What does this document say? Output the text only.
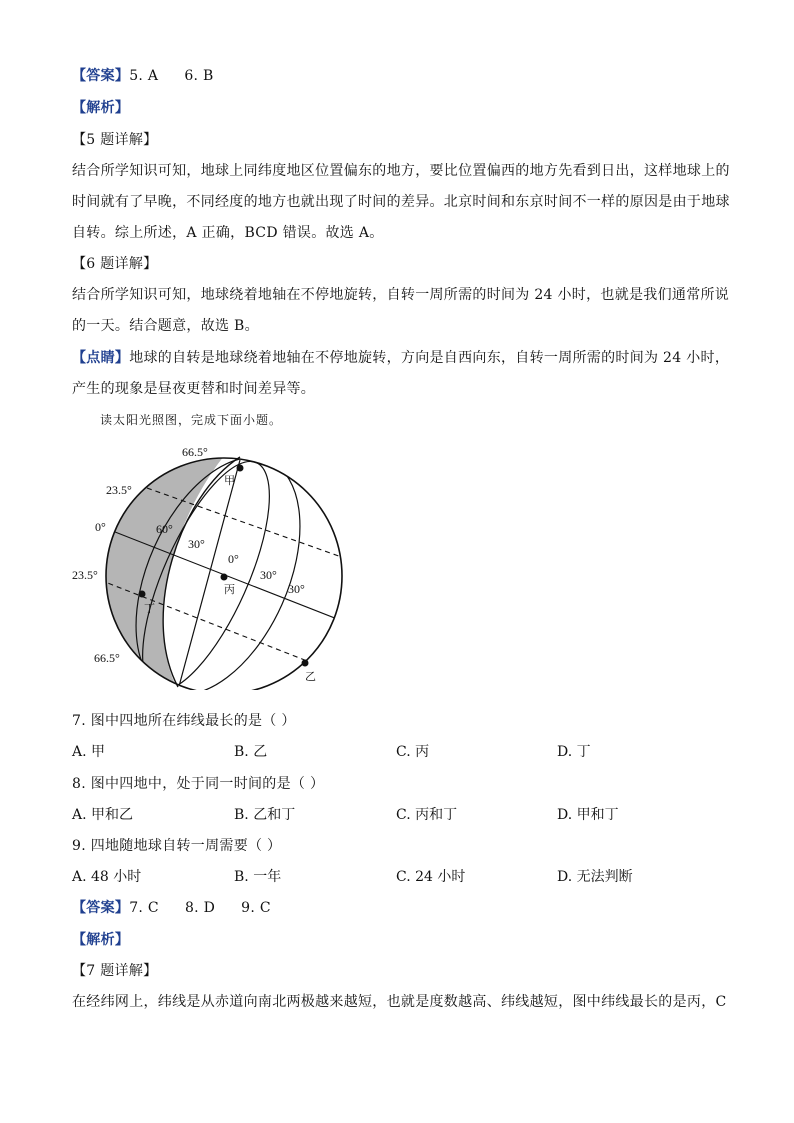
【答案】5. A 6. B
【解析】
【5 题详解】
结合所学知识可知，地球上同纬度地区位置偏东的地方，要比位置偏西的地方先看到日出，这样地球上的
时间就有了早晚，不同经度的地方也就出现了时间的差异。北京时间和东京时间不一样的原因是由于地球
自转。综上所述，A 正确，BCD 错误。故选 A。
【6 题详解】
结合所学知识可知，地球绕着地轴在不停地旋转，自转一周所需的时间为 24 小时，也就是我们通常所说
的一天。结合题意，故选 B。
【点睛】地球的自转是地球绕着地轴在不停地旋转，方向是自西向东，自转一周所需的时间为 24 小时，
产生的现象是昼夜更替和时间差异等。
读太阳光照图，完成下面小题。
66.5°
23.5°
0°
23.5°
66.5°
60°
30°
0°
30°
30°
甲
乙
丙
丁
7. 图中四地所在纬线最长的是（ ）
A. 甲	B. 乙	C. 丙	D. 丁
8. 图中四地中，处于同一时间的是（ ）
A. 甲和乙	B. 乙和丁	C. 丙和丁	D. 甲和丁
9. 四地随地球自转一周需要（ ）
A. 48 小时	B. 一年	C. 24 小时	D. 无法判断
【答案】7. C 8. D 9. C
【解析】
【7 题详解】
在经纬网上，纬线是从赤道向南北两极越来越短，也就是度数越高、纬线越短，图中纬线最长的是丙，C
